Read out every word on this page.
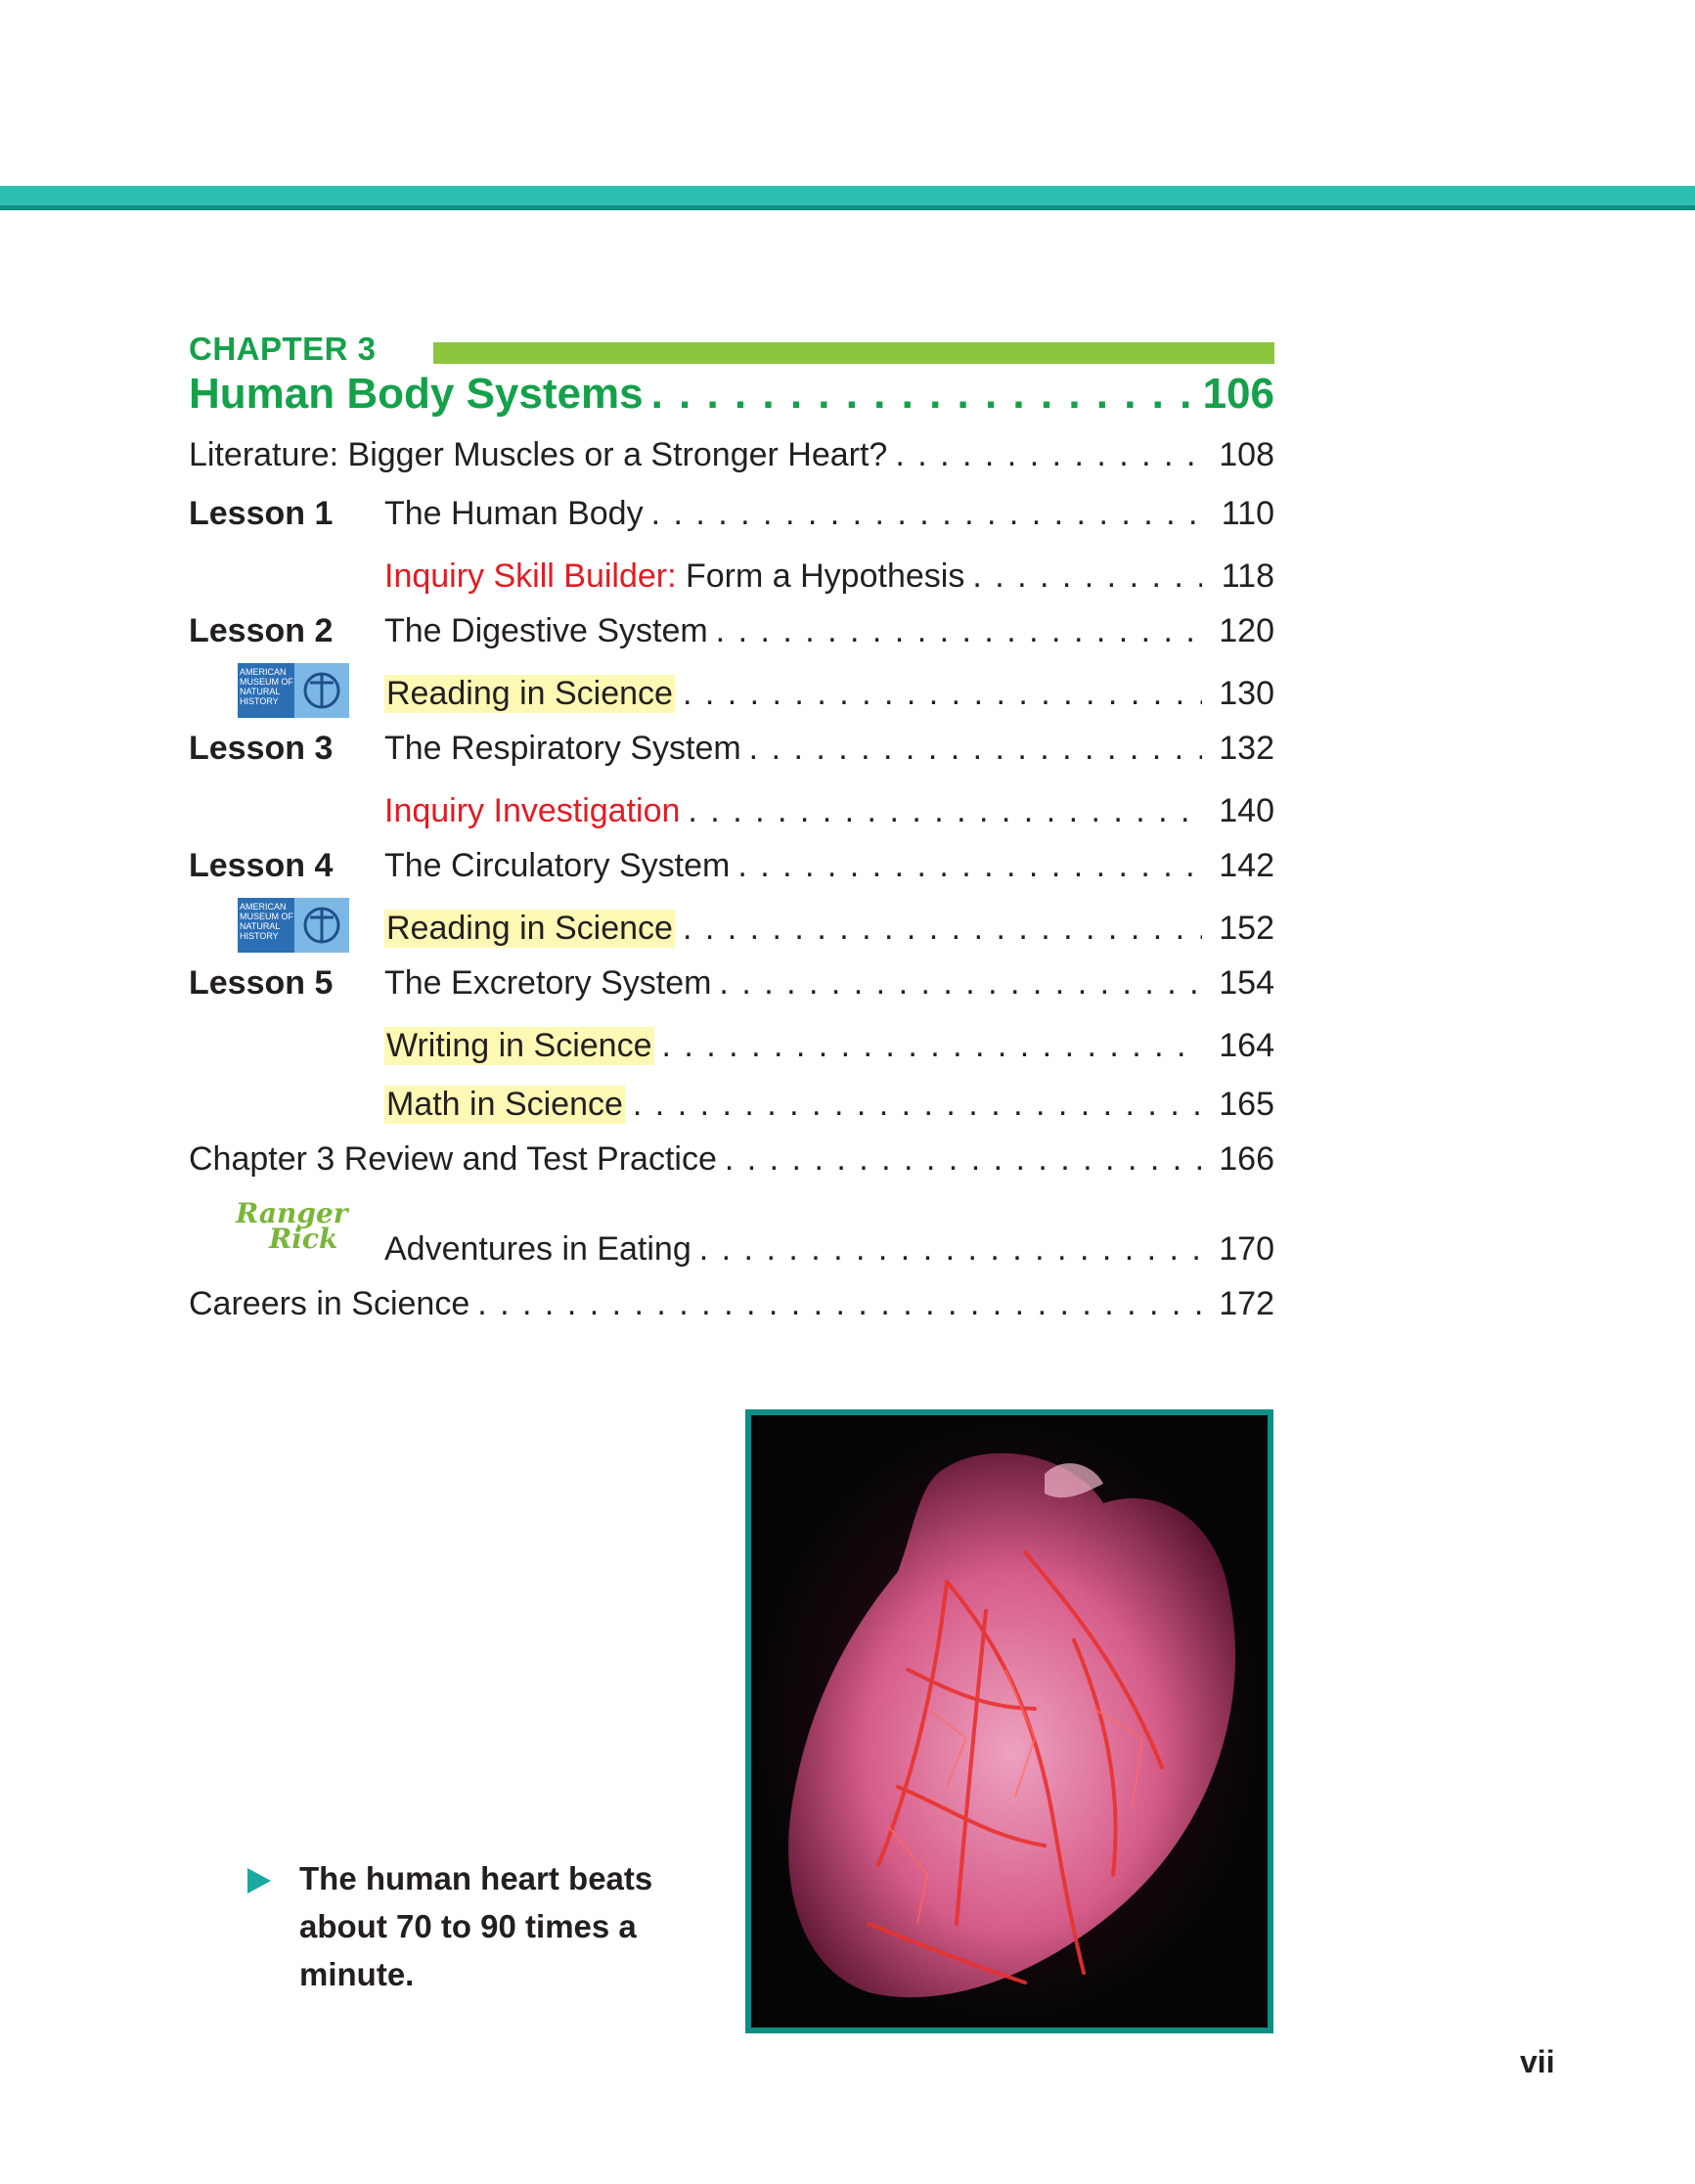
CHAPTER 3
Human Body Systems . . .	106
Literature: Bigger Muscles or a Stronger Heart? . . .	108
Lesson 1	The Human Body . . .	110
Inquiry Skill Builder: Form a Hypothesis . . .	118
Lesson 2	The Digestive System . . .	120
AMERICAN
MUSEUM OF
NATURAL
HISTORY	Reading in Science . . .	130
Lesson 3	The Respiratory System . . .	132
Inquiry Investigation . . .	140
Lesson 4	The Circulatory System . . .	142
AMERICAN
MUSEUM OF
NATURAL
HISTORY	Reading in Science . . .	152
Lesson 5	The Excretory System . . .	154
Writing in Science . . .	164
Math in Science . . .	165
Chapter 3 Review and Test Practice . . .	166
Ranger
Rick	Adventures in Eating . . .	170
Careers in Science . . .	172
The human heart beats about 70 to 90 times a minute.
vii
